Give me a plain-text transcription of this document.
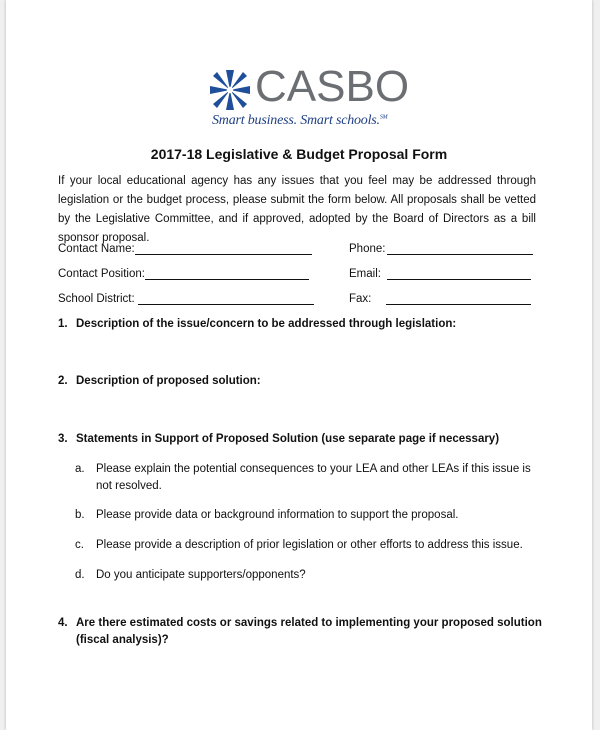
CASBO
Smart business. Smart schools.℠
2017-18 Legislative & Budget Proposal Form
If your local educational agency has any issues that you feel may be addressed through legislation or the budget process, please submit the form below. All proposals shall be vetted by the Legislative Committee, and if approved, adopted by the Board of Directors as a bill sponsor proposal.
Contact Name:	Phone:
Contact Position:	Email:
School District:	Fax:
1. Description of the issue/concern to be addressed through legislation:
2. Description of proposed solution:
3. Statements in Support of Proposed Solution (use separate page if necessary)
a. Please explain the potential consequences to your LEA and other LEAs if this issue is not resolved.
b. Please provide data or background information to support the proposal.
c. Please provide a description of prior legislation or other efforts to address this issue.
d. Do you anticipate supporters/opponents?
4. Are there estimated costs or savings related to implementing your proposed solution (fiscal analysis)?
